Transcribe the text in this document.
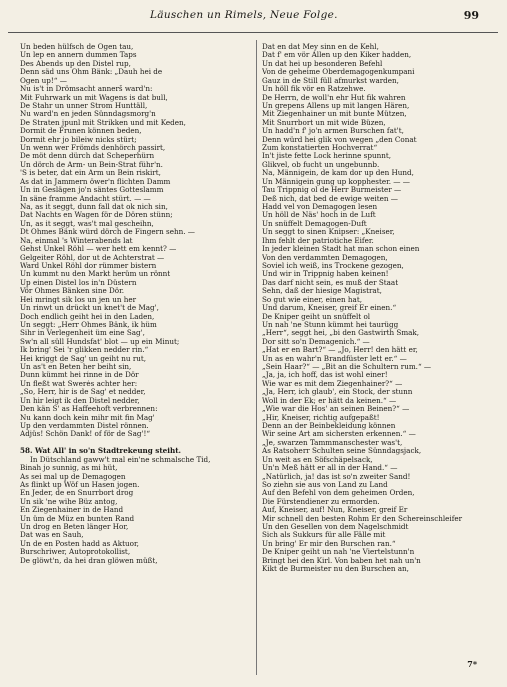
Läuschen un Rimels, Neue Folge.	99
Un beden hülfsch de Ogen tau,
Un lep en annern dummen Taps
Des Abends up den Distel rup,
Denn säd uns Ohm Bänk: „Dauh hei de
Ogen up!“ —
Nu is't in Drömsacht annerš ward'n:
Mit Fuhrwark un mit Wagens is dat bull,
De Stahr un unner Strom Hunttäll,
Nu ward'n en jeden Sünndagsmorg'n
De Straten jpunl mit Strikken und mit Keden,
Dormit de Frunen können beden,
Dormit ehr jo bileiw nicks stürt;
Un wenn wer Frömds denhörch passirt,
De möt denn dürch dat Scheperhürn
Un dörch de Arm- un Bein-Strat führ'n.
'S is beter, dat ein Arm un Bein riskirt,
As dat in Jammern öwer'n flichten Damm
Un in Geslägen jo'n säntes Gotteslamm
In säne framme Andacht stürt. — —
Na, as it seggt, dunn fall dat ok nich sin,
Dat Nachts en Wagen för de Dören stünn;
Un, as it seggt, was't mal gescheihn,
Dt Ohmes Bänk würd dörch de Fingern sehn. —
Na, einmal 's Winterabends lat
Gehst Unkel Röhl — wer hett em kennt? —
Gelgeiter Röhl, dor ut de Achterstrat —
Ward Unkel Röhl dor rümmer bistern
Un kummt nu den Markt herüm un rönnt
Up einen Distel los in'n Düstern
Vör Ohmes Bänken sine Dör.
Hei mringt sik los un jen un her
Un rinwt un drückt un knet't de Mag',
Doch endlich geiht hei in den Laden,
Un seggt: „Herr Ohmes Bänk, ik hüm
Sihr in Verlegenheit üm eine Sag',
Sw'n all süll Hundsfat' blot — up ein Minut;
Ik bring' Sei 'r glikken nedder rin.“
Hei kriggt de Sag' un geiht nu rut,
Un as't en Beten her beiht sin,
Dunn kümmt hei rinne in de Dör
Un fleßt wat Swerės achter her:
„So, Herr, hir is de Sag' et nedder,
Un hir leigt ik den Distel nedder,
Den kän S' as Haffeehoft verbrennen:
Nu kann doch kein mihr mit fin Mag'
Up den verdammten Distel rönnen.
Adjüs! Schön Dank! of för de Sag'!“
58. Wat All' in so'n Stadtrekeung steiht.
In Dütschland gaww't mal ein'ne schmalsche Tid,
Binah jo sunnig, as mi hüt,
As sei mal up de Demagogen
As flinkt up Wöf un Hasen jogen.
En Jeder, de en Snurrbort drog
Un sik 'ne wihe Büz antog,
En Ziegenhainer in de Hand
Un üm de Müz en bunten Rand
Un drog en Beten länger Hor,
Dat was en Sauh,
Un de en Posten hadd as Aktuor,
Burschriwer, Autoprotokollist,
De glöwt'n, da hei dran glöwen müßt,
Dat en dat Mey sinn en de Kehl,
Dat f' em vör Allen up den Kiker hadden,
Un dat hei up besonderen Befehl
Von de geheime Oberdemagogenkumpani
Gauz in de Still füll afmurkst warden,
Un höll fik vör en Ratzehwe.
De Herrn, de woll'n ehr Hut fik wahren
Un grepens Allens up mit langen Hären,
Mit Ziegenhainer un mit bunte Mützen,
Mit Snurrbort un mit wide Büzen,
Un hadd'n f' jo'n armen Burschen fat't,
Denn würd hei glik von wegen „den Conat
Zum konstatierten Hochverrat“
In't jiste fette Lock herinne spunnt,
Glikvel, ob fucht un ungebunnb.
Na, Männigein, de kam dor up den Hund,
Un Männigein gung up kopphester. — —
Tau Trippnig ol de Herr Burmeister —
Deß nich, dat bed de ewige weiten —
Hadd vel von Demagogen lesen
Un höll de Näs' hoch in de Luft
Un snüffelt Demagogen-Duft
Un seggt to sinen Knipser: „Kneiser,
Ihm fehlt der patriotiche Eifer.
In jeder kleinen Stadt hat man schon einen
Von den verdammten Demagogen,
Soviel ich weiß, ins Trockene gezogen,
Und wir in Trippnig haben keinen!
Das darf nicht sein, es muß der Staat
Sehn, daß der hiesige Magistrat,
So gut wie einer, einen hat,
Und darum, Kneiser, greif Er einen.“
De Kniper geiht un snüffelt ol
Un nah 'ne Stunn kümmt hei taurügg
„Herr“, seggt hei, „bi den Gastwirth Smak,
Dor sitt so'n Demagenich.“ —
„Hat er en Bart?“ — „Jo, Herr! den hätt er,
Un as en wahr'n Brandfüster lett er.“ —
„Sein Haar?“ — „Bit an die Schultern rum.“ —
„Ja, ja, ich hoff, das ist wohl einer!
Wie war es mit dem Ziegenhainer?“ —
„Ja, Herr, ich glaub', ein Stock, der stunn
Woll in der Ek; er hätt da keinen.“ —
„Wie war die Hos' an seinen Beinen?“ —
„Hir, Kneiser, richtig aufgepaßt!
Denn an der Beinbekleidung können
Wir seine Art am sichersten erkennen.“ —
„Je, swarzen Tammmanschester was't,
As Ratsoherr Schulten seine Sünndagsjack,
Un weit as en Söfschäpelsack,
Un'n Meß hätt er all in der Hand.“ —
„Natürlich, ja! das ist so'n zweiter Sand!
So ziehn sie aus von Land zu Land
Auf den Befehl von dem geheimen Orden,
Die Fürstendiener zu ermorden.
Auf, Kneiser, auf! Nun, Kneiser, greif Er
Mir schnell den besten Rohm Er den Schereinschleifer
Un den Gesellen von dem Nagelschmidt
Sich als Sukkurs für alle Fälle mit
Un bring' Er mir den Burschen ran.“
De Kniper geiht un nah 'ne Viertelstunn'n
Bringt hei den Kirl. Von baben het nah un'n
Kikt de Burmeister nu den Burschen an,
7*
